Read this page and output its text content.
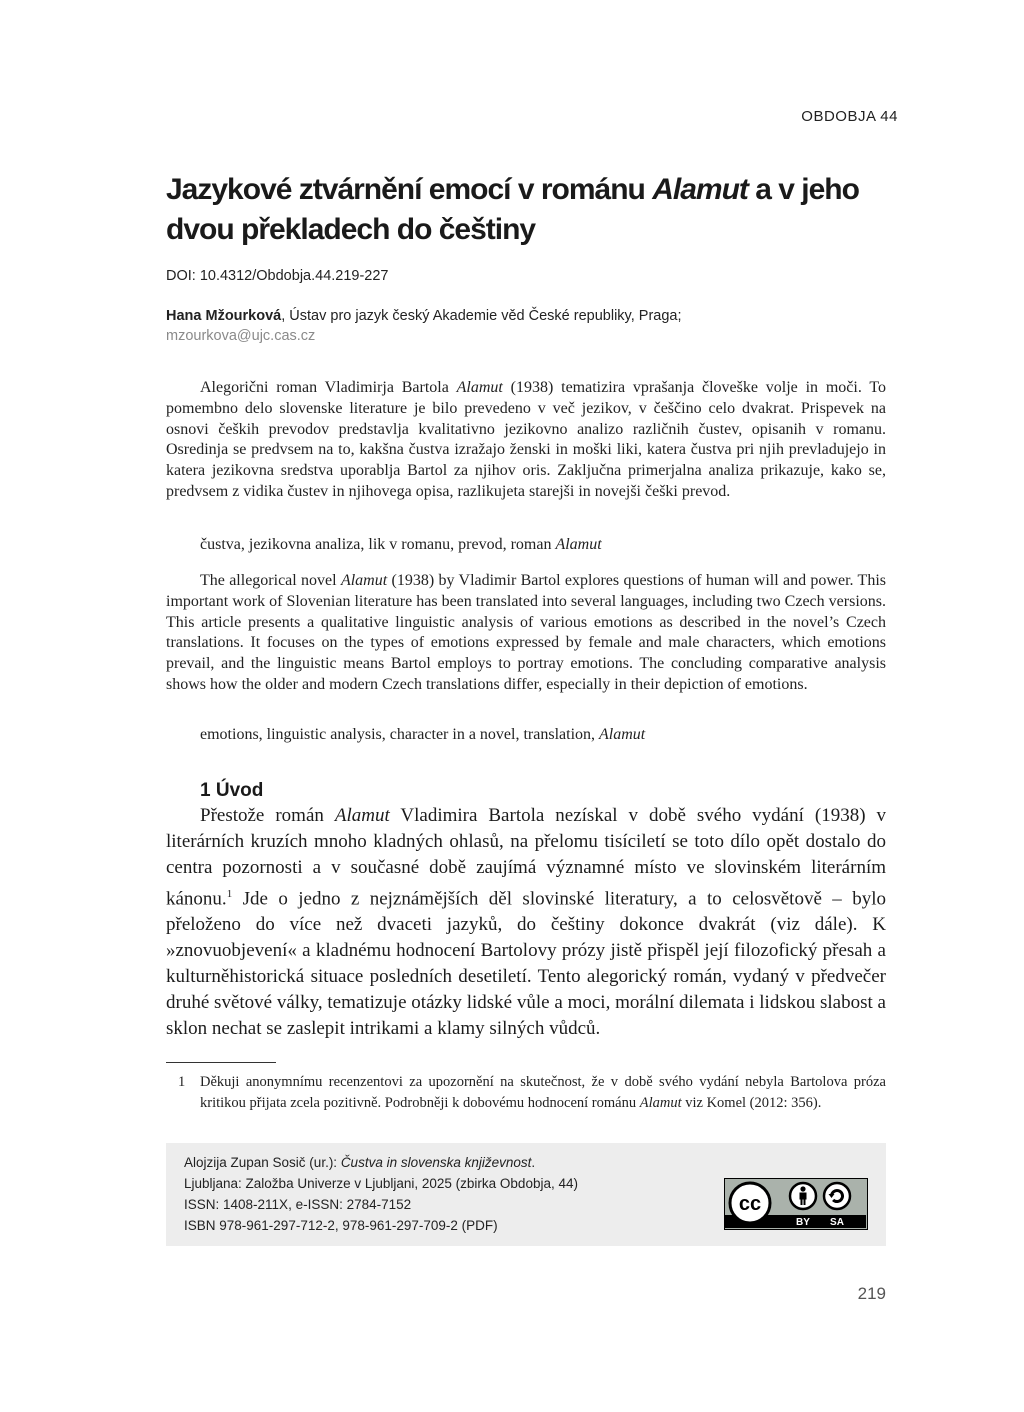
OBDOBJA 44
Jazykové ztvárnění emocí v románu Alamut a v jeho dvou překladech do češtiny
DOI: 10.4312/Obdobja.44.219-227
Hana Mžourková, Ústav pro jazyk český Akademie věd České republiky, Praga;
mzourkova@ujc.cas.cz

Alegorični roman Vladimirja Bartola Alamut (1938) tematizira vprašanja človeške volje in moči. To pomembno delo slovenske literature je bilo prevedeno v več jezikov, v češčino celo dvakrat. Prispevek na osnovi čeških prevodov predstavlja kvalitativno jezikovno analizo različnih čustev, opisanih v romanu. Osredinja se predvsem na to, kakšna čustva izražajo ženski in moški liki, katera čustva pri njih prevladujejo in katera jezikovna sredstva uporablja Bartol za njihov oris. Zaključna primerjalna analiza prikazuje, kako se, predvsem z vidika čustev in njihovega opisa, razlikujeta starejši in novejši češki prevod.

čustva, jezikovna analiza, lik v romanu, prevod, roman Alamut

The allegorical novel Alamut (1938) by Vladimir Bartol explores questions of human will and power. This important work of Slovenian literature has been translated into several languages, including two Czech versions. This article presents a qualitative linguistic analysis of various emotions as described in the novel’s Czech translations. It focuses on the types of emotions expressed by female and male characters, which emotions prevail, and the linguistic means Bartol employs to portray emotions. The concluding comparative analysis shows how the older and modern Czech translations differ, especially in their depiction of emotions.

emotions, linguistic analysis, character in a novel, translation, Alamut
1 Úvod

Přestože román Alamut Vladimira Bartola nezískal v době svého vydání (1938) v literárních kruzích mnoho kladných ohlasů, na přelomu tisíciletí se toto dílo opět dostalo do centra pozornosti a v současné době zaujímá významné místo ve slovinském literárním kánonu.$^1$ Jde o jedno z nejznámějších děl slovinské literatury, a to celosvětově – bylo přeloženo do více než dvaceti jazyků, do češtiny dokonce dvakrát (viz dále). K »znovuobjevení« a kladnému hodnocení Bartolovy prózy jistě přispěl její filozofický přesah a kulturněhistorická situace posledních desetiletí. Tento alegorický román, vydaný v předvečer druhé světové války, tematizuje otázky lidské vůle a moci, morální dilemata i lidskou slabost a sklon nechat se zaslepit intrikami a klamy silných vůdců.

1 Děkuji anonymnímu recenzentovi za upozornění na skutečnost, že v době svého vydání nebyla Bartolova próza kritikou přijata zcela pozitivně. Podrobněji k dobovému hodnocení románu Alamut viz Komel (2012: 356).
Alojzija Zupan Sosič (ur.): Čustva in slovenska književnost.
Ljubljana: Založba Univerze v Ljubljani, 2025 (zbirka Obdobja, 44)
ISSN: 1408-211X, e-ISSN: 2784-7152
ISBN 978-961-297-712-2, 978-961-297-709-2 (PDF)
cc
BY SA
219
